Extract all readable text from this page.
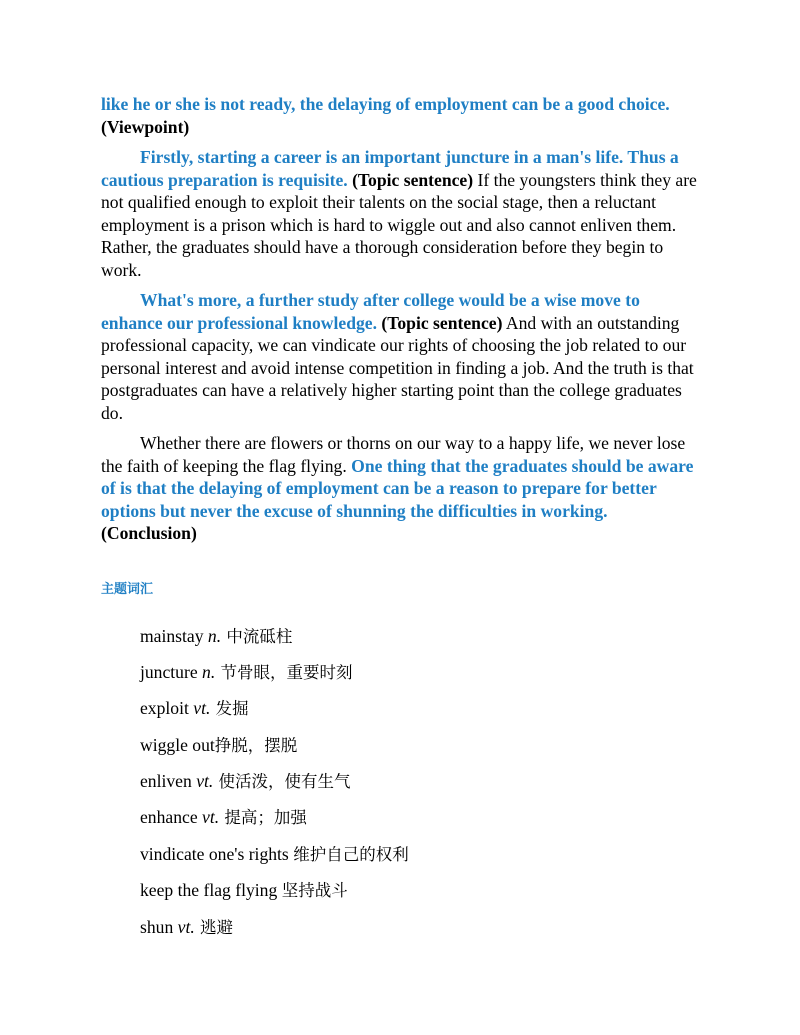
like he or she is not ready, the delaying of employment can be a good choice. (Viewpoint)

Firstly, starting a career is an important juncture in a man's life. Thus a cautious preparation is requisite. (Topic sentence) If the youngsters think they are not qualified enough to exploit their talents on the social stage, then a reluctant employment is a prison which is hard to wiggle out and also cannot enliven them. Rather, the graduates should have a thorough consideration before they begin to work.

What's more, a further study after college would be a wise move to enhance our professional knowledge. (Topic sentence) And with an outstanding professional capacity, we can vindicate our rights of choosing the job related to our personal interest and avoid intense competition in finding a job. And the truth is that postgraduates can have a relatively higher starting point than the college graduates do.

Whether there are flowers or thorns on our way to a happy life, we never lose the faith of keeping the flag flying. One thing that the graduates should be aware of is that the delaying of employment can be a reason to prepare for better options but never the excuse of shunning the difficulties in working. (Conclusion)

主题词汇
mainstay n. 中流砥柱
juncture n. 节骨眼，重要时刻
exploit vt. 发掘
wiggle out挣脱，摆脱
enliven vt. 使活泼，使有生气
enhance vt. 提高；加强
vindicate one's rights 维护自己的权利
keep the flag flying 坚持战斗
shun vt. 逃避
